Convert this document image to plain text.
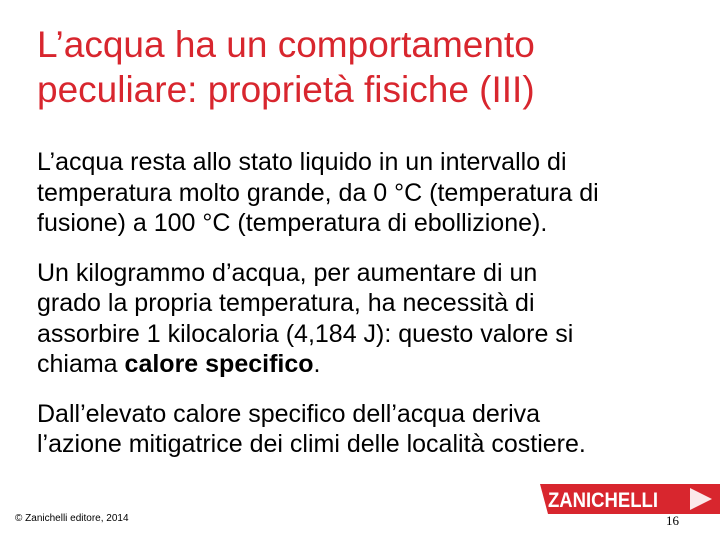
L’acqua ha un comportamento
peculiare: proprietà fisiche (III)

L’acqua resta allo stato liquido in un intervallo di
temperatura molto grande, da 0 °C (temperatura di
fusione) a 100 °C (temperatura di ebollizione).

Un kilogrammo d’acqua, per aumentare di un
grado la propria temperatura, ha necessità di
assorbire 1 kilocaloria (4,184 J): questo valore si
chiama calore specifico.

Dall’elevato calore specifico dell’acqua deriva
l’azione mitigatrice dei climi delle località costiere.

© Zanichelli editore, 2014
ZANICHELLI
16
